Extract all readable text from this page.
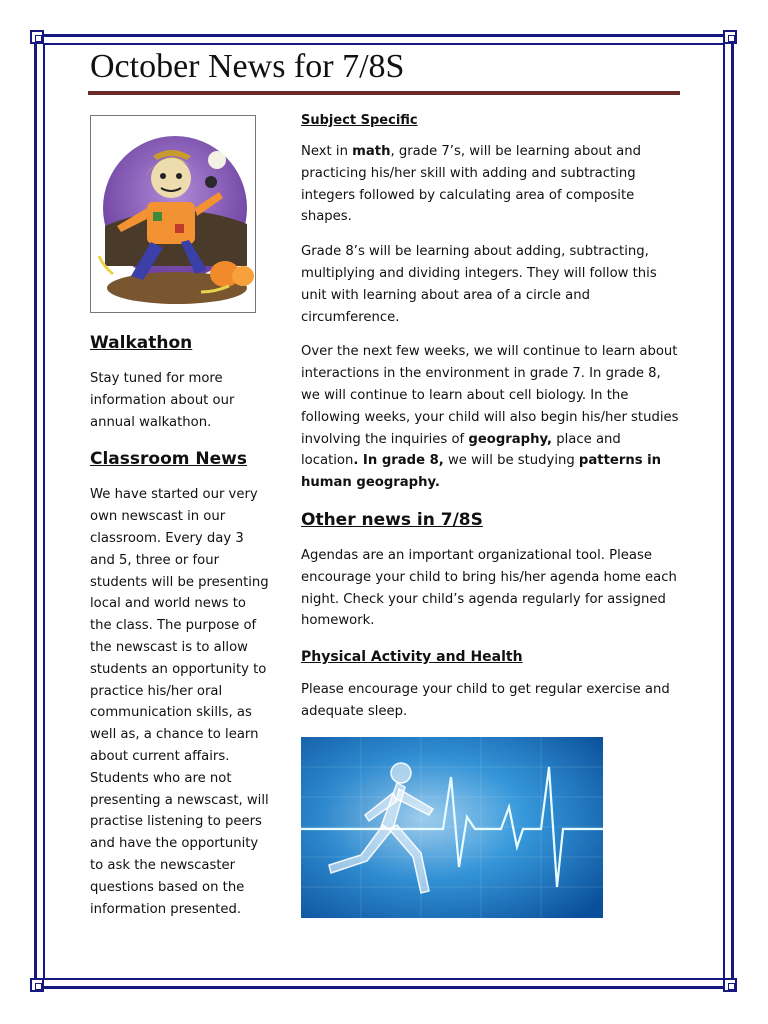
October News for 7/8S
Walkathon

Stay tuned for more information about our annual walkathon.

Classroom News

We have started our very own newscast in our classroom. Every day 3 and 5, three or four students will be presenting local and world news to the class. The purpose of the newscast is to allow students an opportunity to practice his/her oral communication skills, as well as, a chance to learn about current affairs. Students who are not presenting a newscast, will practise listening to peers and have the opportunity to ask the newscaster questions based on the information presented.

Subject Specific

Next in math, grade 7’s, will be learning about and practicing his/her skill with adding and subtracting integers followed by calculating area of composite shapes.

Grade 8’s will be learning about adding, subtracting, multiplying and dividing integers. They will follow this unit with learning about area of a circle and circumference.

Over the next few weeks, we will continue to learn about interactions in the environment in grade 7. In grade 8, we will continue to learn about cell biology. In the following weeks, your child will also begin his/her studies involving the inquiries of geography, place and location. In grade 8, we will be studying patterns in human geography.

Other news in 7/8S

Agendas are an important organizational tool. Please encourage your child to bring his/her agenda home each night. Check your child’s agenda regularly for assigned homework.

Physical Activity and Health

Please encourage your child to get regular exercise and adequate sleep.
